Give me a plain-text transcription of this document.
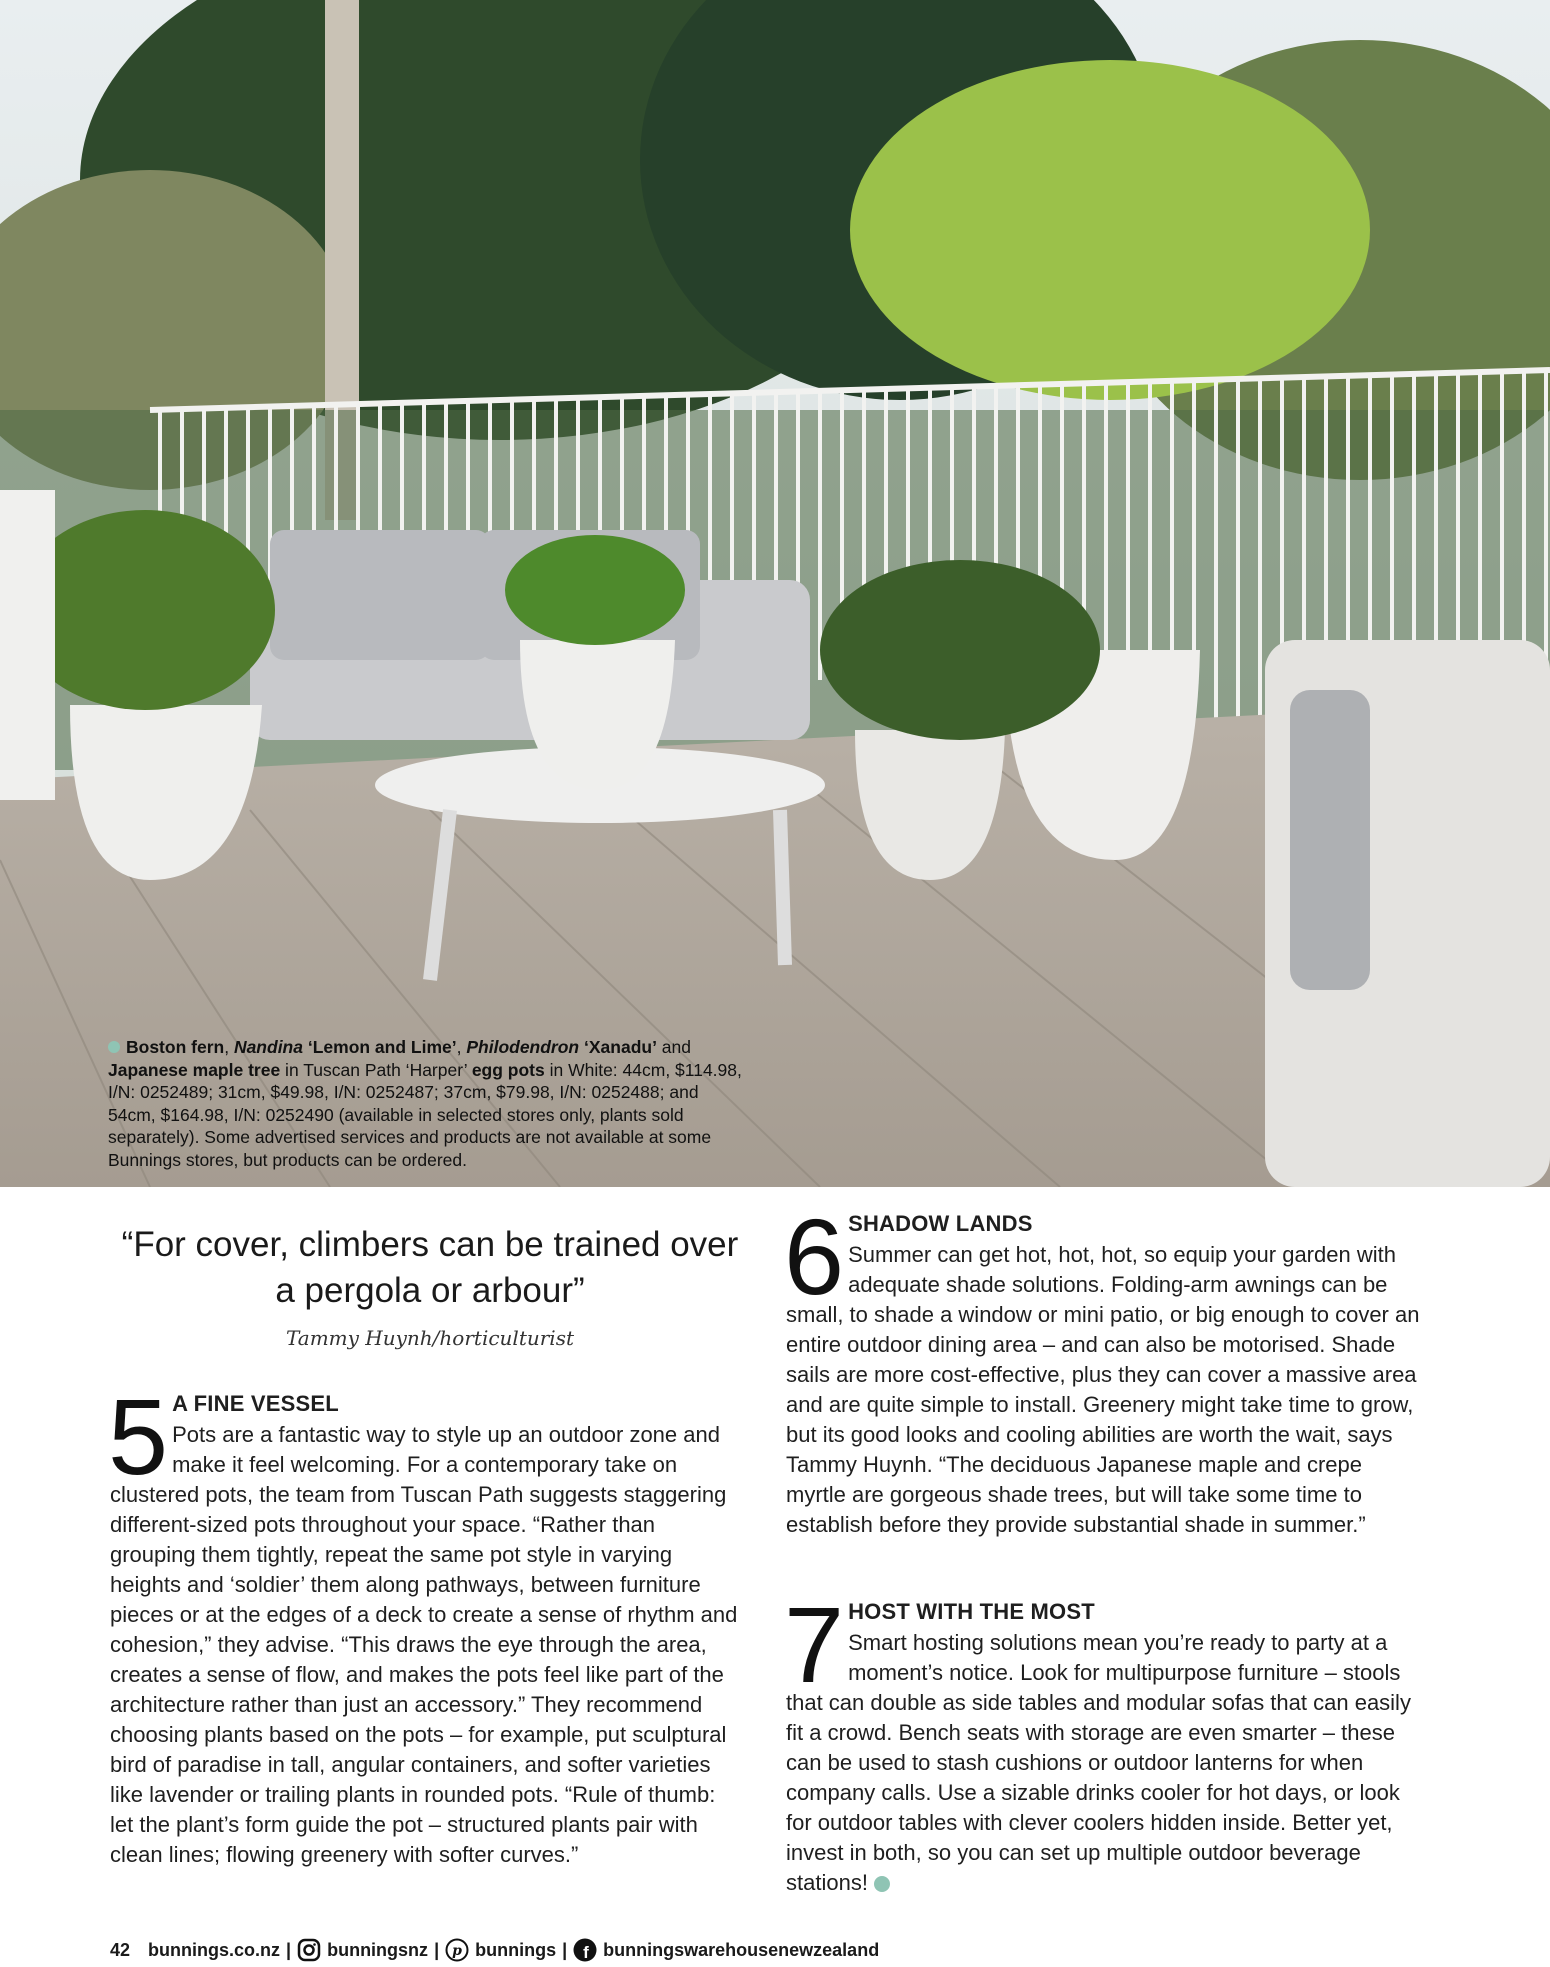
Boston fern, Nandina ‘Lemon and Lime’, Philodendron ‘Xanadu’ and Japanese maple tree in Tuscan Path ‘Harper’ egg pots in White: 44cm, $114.98, I/N: 0252489; 31cm, $49.98, I/N: 0252487; 37cm, $79.98, I/N: 0252488; and 54cm, $164.98, I/N: 0252490 (available in selected stores only, plants sold separately). Some advertised services and products are not available at some Bunnings stores, but products can be ordered.
“For cover, climbers can be trained over a pergola or arbour”
Tammy Huynh/horticulturist
5 A FINE VESSEL

Pots are a fantastic way to style up an outdoor zone and make it feel welcoming. For a contemporary take on clustered pots, the team from Tuscan Path suggests staggering different-sized pots throughout your space. “Rather than grouping them tightly, repeat the same pot style in varying heights and ‘soldier’ them along pathways, between furniture pieces or at the edges of a deck to create a sense of rhythm and cohesion,” they advise. “This draws the eye through the area, creates a sense of flow, and makes the pots feel like part of the architecture rather than just an accessory.” They recommend choosing plants based on the pots – for example, put sculptural bird of paradise in tall, angular containers, and softer varieties like lavender or trailing plants in rounded pots. “Rule of thumb: let the plant’s form guide the pot – structured plants pair with clean lines; flowing greenery with softer curves.”

6 SHADOW LANDS

Summer can get hot, hot, hot, so equip your garden with adequate shade solutions. Folding-arm awnings can be small, to shade a window or mini patio, or big enough to cover an entire outdoor dining area – and can also be motorised. Shade sails are more cost-effective, plus they can cover a massive area and are quite simple to install. Greenery might take time to grow, but its good looks and cooling abilities are worth the wait, says Tammy Huynh. “The deciduous Japanese maple and crepe myrtle are gorgeous shade trees, but will take some time to establish before they provide substantial shade in summer.”

7 HOST WITH THE MOST

Smart hosting solutions mean you’re ready to party at a moment’s notice. Look for multipurpose furniture – stools that can double as side tables and modular sofas that can easily fit a crowd. Bench seats with storage are even smarter – these can be used to stash cushions or outdoor lanterns for when company calls. Use a sizable drinks cooler for hot days, or look for outdoor tables with clever coolers hidden inside. Better yet, invest in both, so you can set up multiple outdoor beverage stations!

42 bunnings.co.nz | bunningsnz | p bunnings | f bunningswarehousenewzealand
